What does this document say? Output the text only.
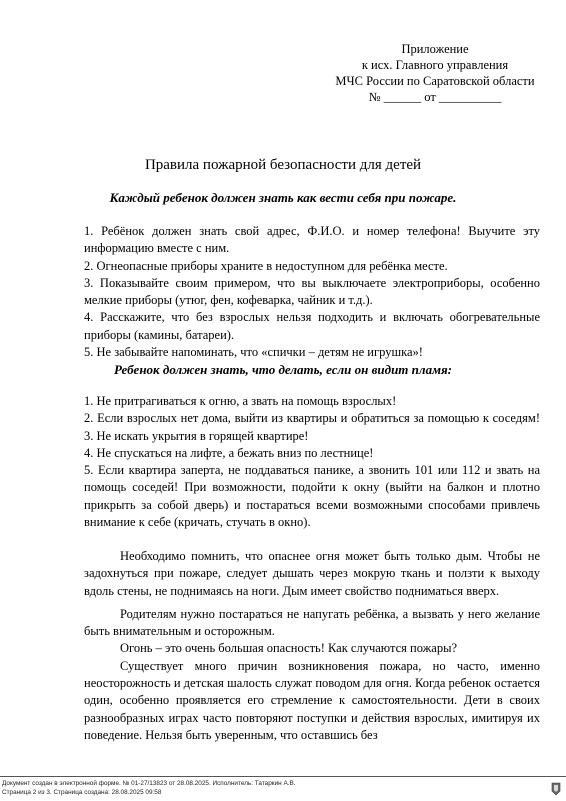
Приложение
к исх. Главного управления
МЧС России по Саратовской области
№ ______ от __________
Правила пожарной безопасности для детей
Каждый ребенок должен знать как вести себя при пожаре.

1. Ребёнок должен знать свой адрес, Ф.И.О. и номер телефона! Выучите эту информацию вместе с ним.

2. Огнеопасные приборы храните в недоступном для ребёнка месте.

3. Показывайте своим примером, что вы выключаете электроприборы, особенно мелкие приборы (утюг, фен, кофеварка, чайник и т.д.).

4. Расскажите, что без взрослых нельзя подходить и включать обогревательные приборы (камины, батареи).

5. Не забывайте напоминать, что «спички – детям не игрушка»!

Ребенок должен знать, что делать, если он видит пламя:

1. Не притрагиваться к огню, а звать на помощь взрослых!

2. Если взрослых нет дома, выйти из квартиры и обратиться за помощью к соседям! 3. Не искать укрытия в горящей квартире!

4. Не спускаться на лифте, а бежать вниз по лестнице!

5. Если квартира заперта, не поддаваться панике, а звонить 101 или 112 и звать на помощь соседей! При возможности, подойти к окну (выйти на балкон и плотно прикрыть за собой дверь) и постараться всеми возможными способами привлечь внимание к себе (кричать, стучать в окно).

Необходимо помнить, что опаснее огня может быть только дым. Чтобы не задохнуться при пожаре, следует дышать через мокрую ткань и ползти к выходу вдоль стены, не поднимаясь на ноги. Дым имеет свойство подниматься вверх.

Родителям нужно постараться не напугать ребёнка, а вызвать у него желание быть внимательным и осторожным.

Огонь – это очень большая опасность! Как случаются пожары?

Существует много причин возникновения пожара, но часто, именно неосторожность и детская шалость служат поводом для огня. Когда ребенок остается один, особенно проявляется его стремление к самостоятельности. Дети в своих разнообразных играх часто повторяют поступки и действия взрослых, имитируя их поведение. Нельзя быть уверенным, что оставшись без

Документ создан в электронной форме. № 01-27/13823 от 28.08.2025. Исполнитель: Татаркин А.В.
Страница 2 из 3. Страница создана: 28.08.2025 09:58
